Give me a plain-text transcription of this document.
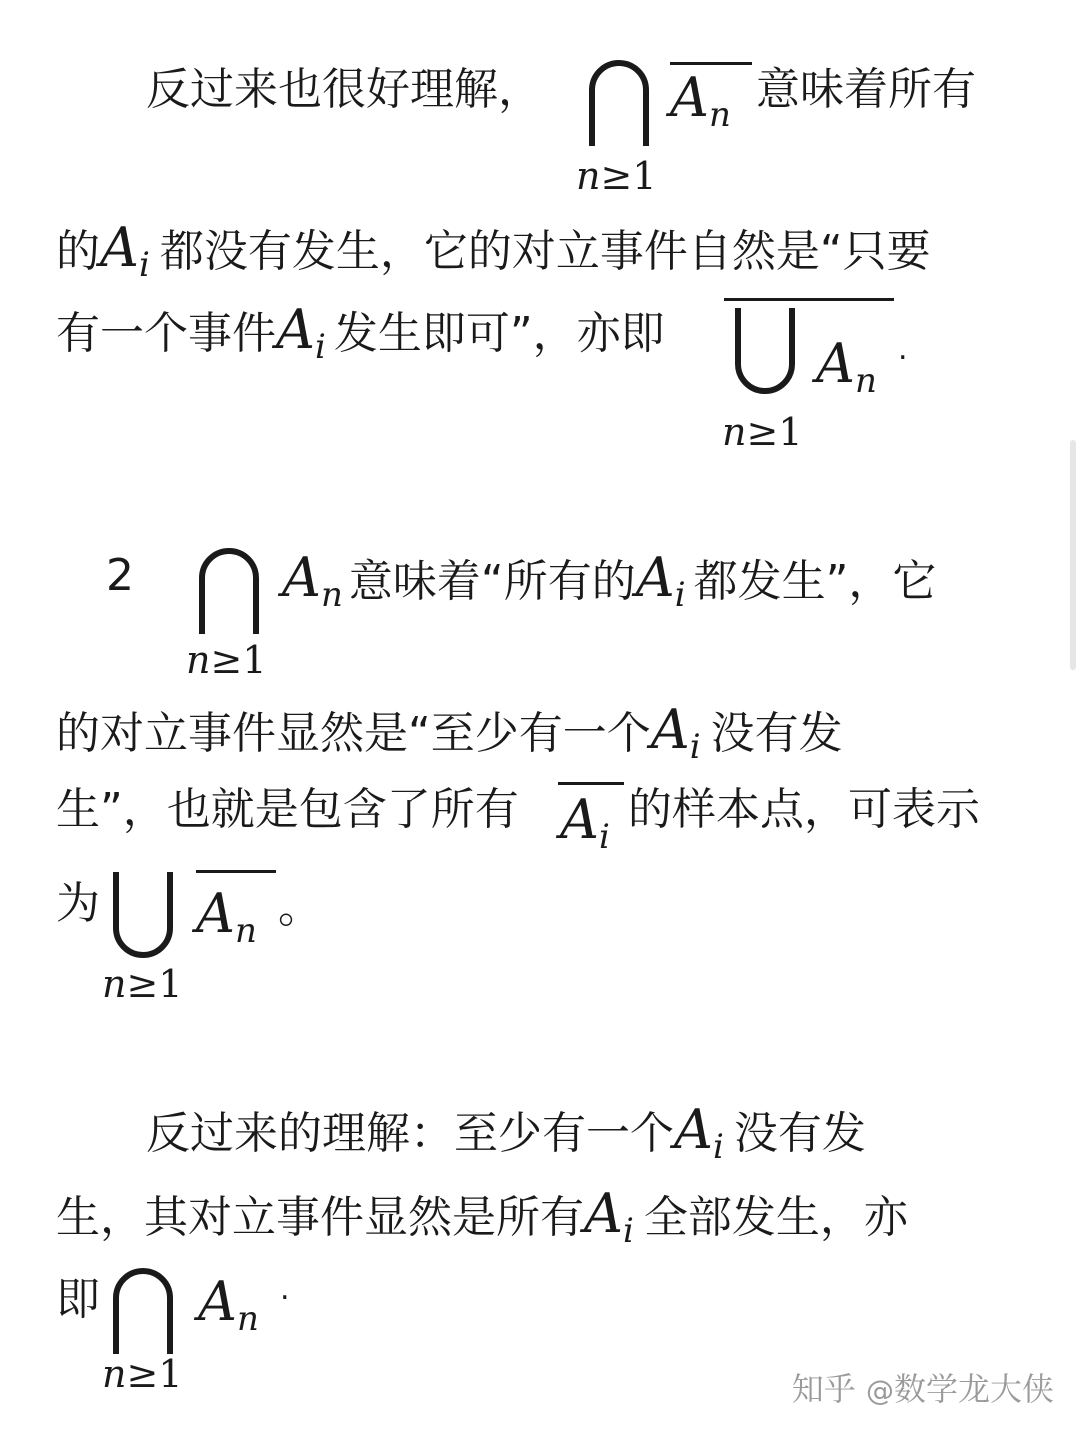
反过来也很好理解，
n≥1
$A_n$ 意味着所有
的$A_i$ 都没有发生，它的对立事件自然是“只要
有一个事件$A_i$ 发生即可”，亦即
n≥1
$A_n$
.
2
n≥1
$A_n$ 意味着“所有的$A_i$ 都发生”，它
的对立事件显然是“至少有一个$A_i$ 没有发
生”，也就是包含了所有 $A_i$
的样本点，可表示
为
n≥1
$A_n$ 。
反过来的理解：至少有一个$A_i$ 没有发
生，其对立事件显然是所有$A_i$ 全部发生，亦
即
n≥1
$A_n$
.
知乎 @数学龙大侠
